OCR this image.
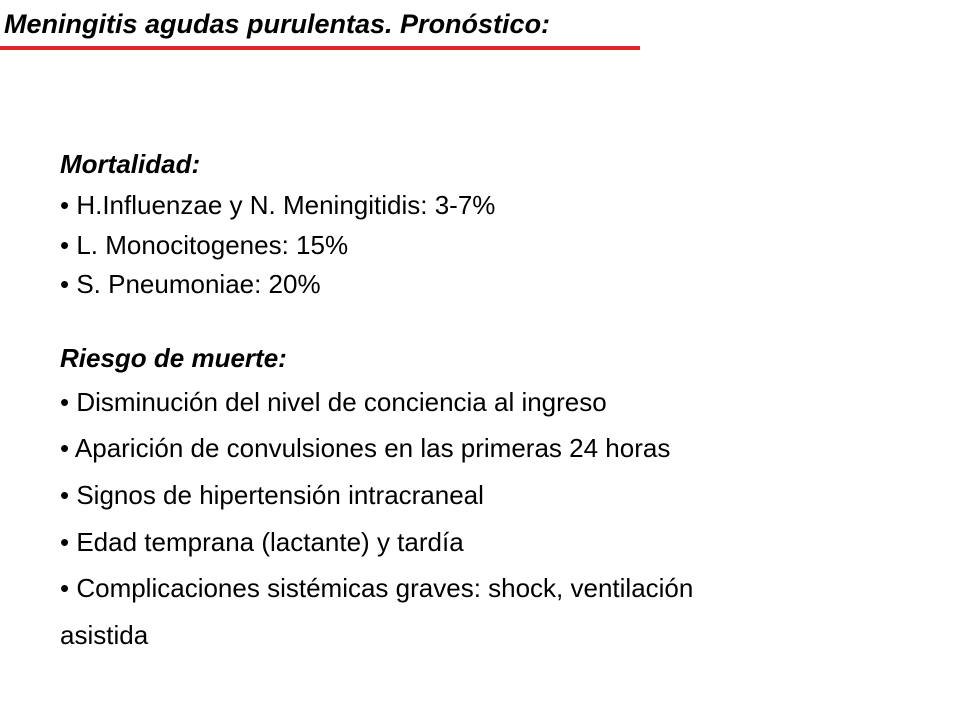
Meningitis agudas purulentas. Pronóstico:
Mortalidad:
• H.Influenzae y N. Meningitidis: 3-7%
• L. Monocitogenes: 15%
• S. Pneumoniae: 20%
Riesgo de muerte:
• Disminución del nivel de conciencia al ingreso
• Aparición de convulsiones en las primeras 24 horas
• Signos de hipertensión intracraneal
• Edad temprana (lactante) y tardía
• Complicaciones sistémicas graves: shock, ventilación
asistida
